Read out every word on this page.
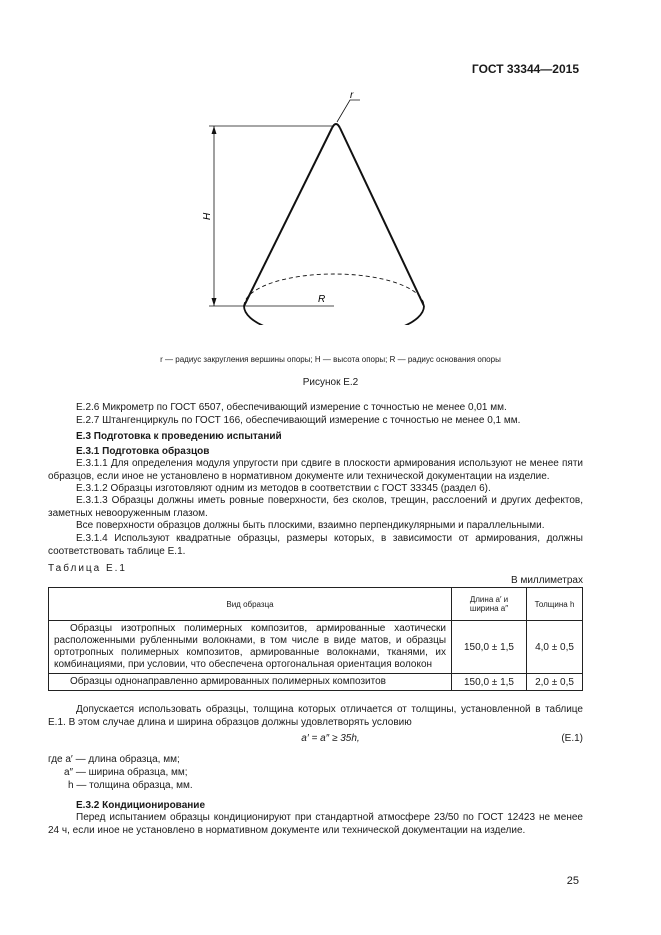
ГОСТ 33344—2015
r
H
R
r — радиус закругления вершины опоры; H — высота опоры; R — радиус основания опоры
Рисунок Е.2
Е.2.6 Микрометр по ГОСТ 6507, обеспечивающий измерение с точностью не менее 0,01 мм.
Е.2.7 Штангенциркуль по ГОСТ 166, обеспечивающий измерение с точностью не менее 0,1 мм.
Е.3 Подготовка к проведению испытаний
Е.3.1 Подготовка образцов
Е.3.1.1 Для определения модуля упругости при сдвиге в плоскости армирования используют не менее пяти образцов, если иное не установлено в нормативном документе или технической документации на изделие.
Е.3.1.2 Образцы изготовляют одним из методов в соответствии с ГОСТ 33345 (раздел 6).
Е.3.1.3 Образцы должны иметь ровные поверхности, без сколов, трещин, расслоений и других дефектов, заметных невооруженным глазом.
Все поверхности образцов должны быть плоскими, взаимно перпендикулярными и параллельными.
Е.3.1.4 Используют квадратные образцы, размеры которых, в зависимости от армирования, должны соответствовать таблице Е.1.
Таблица Е.1
В миллиметрах
Вид образца	Длина a′ и ширина a″	Толщина h
Образцы изотропных полимерных композитов, армированные хаотически расположенными рубленными волокнами, в том числе в виде матов, и образцы ортотропных полимерных композитов, армированные волокнами, тканями, их комбинациями, при условии, что обеспечена ортогональная ориентация волокон	150,0 ± 1,5	4,0 ± 0,5
Образцы однонаправленно армированных полимерных композитов	150,0 ± 1,5	2,0 ± 0,5
Допускается использовать образцы, толщина которых отличается от толщины, установленной в таблице Е.1. В этом случае длина и ширина образцов должны удовлетворять условию
a′ = a″ ≥ 35h,	(Е.1)
где a′ — длина образца, мм;
a″ — ширина образца, мм;
h — толщина образца, мм.
Е.3.2 Кондиционирование
Перед испытанием образцы кондиционируют при стандартной атмосфере 23/50 по ГОСТ 12423 не менее 24 ч, если иное не установлено в нормативном документе или технической документации на изделие.
25
